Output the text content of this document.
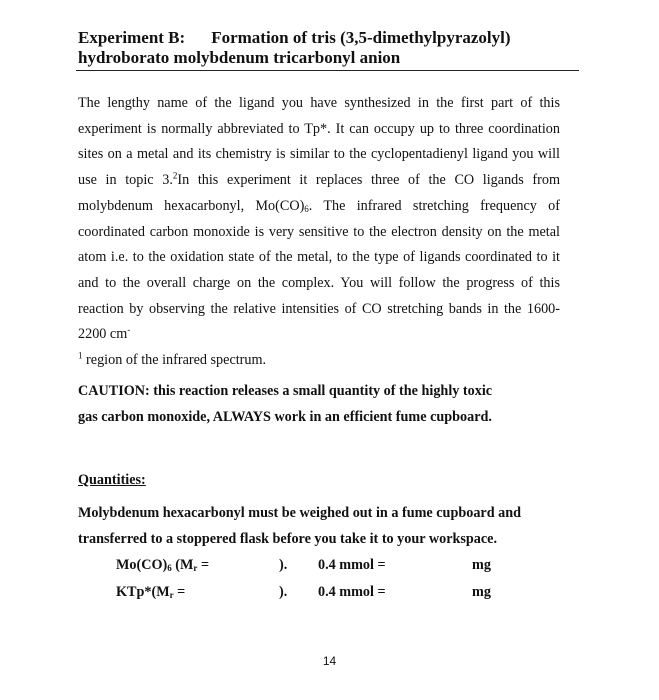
Experiment B: Formation of tris (3,5-dimethylpyrazolyl)
hydroborato molybdenum tricarbonyl anion

The lengthy name of the ligand you have synthesized in the first part of this experiment is normally abbreviated to Tp*. It can occupy up to three coordination sites on a metal and its chemistry is similar to the cyclopentadienyl ligand you will use in topic 3.$^2$In this experiment it replaces three of the CO ligands from molybdenum hexacarbonyl, $Mo(CO)_6$. The infrared stretching frequency of coordinated carbon monoxide is very sensitive to the electron density on the metal atom i.e. to the oxidation state of the metal, to the type of ligands coordinated to it and to the overall charge on the complex. You will follow the progress of this reaction by observing the relative intensities of CO stretching bands in the 1600-2200 cm-
$^1$ region of the infrared spectrum.

CAUTION: this reaction releases a small quantity of the highly toxic

gas carbon monoxide, ALWAYS work in an efficient fume cupboard.

Quantities:

Molybdenum hexacarbonyl must be weighed out in a fume cupboard and

transferred to a stoppered flask before you take it to your workspace.

$Mo(CO)_6$ ($M_r$ =	). 0.4 mmol =	mg
$KTp*(M_r$ =	). 0.4 mmol =	mg
14
